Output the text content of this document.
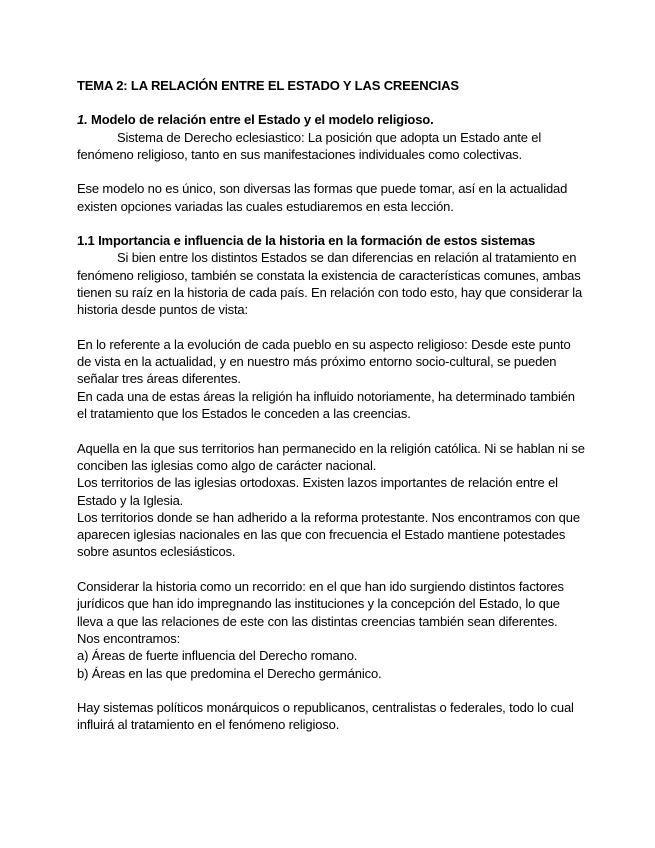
TEMA 2: LA RELACIÓN ENTRE EL ESTADO Y LAS CREENCIAS

1. Modelo de relación entre el Estado y el modelo religioso.

Sistema de Derecho eclesiastico: La posición que adopta un Estado ante el fenómeno religioso, tanto en sus manifestaciones individuales como colectivas.

Ese modelo no es único, son diversas las formas que puede tomar, así en la actualidad existen opciones variadas las cuales estudiaremos en esta lección.

1.1 Importancia e influencia de la historia en la formación de estos sistemas

Si bien entre los distintos Estados se dan diferencias en relación al tratamiento en fenómeno religioso, también se constata la existencia de características comunes, ambas tienen su raíz en la historia de cada país. En relación con todo esto, hay que considerar la historia desde puntos de vista:

En lo referente a la evolución de cada pueblo en su aspecto religioso: Desde este punto de vista en la actualidad, y en nuestro más próximo entorno socio-cultural, se pueden señalar tres áreas diferentes.

En cada una de estas áreas la religión ha influido notoriamente, ha determinado también el tratamiento que los Estados le conceden a las creencias.

Aquella en la que sus territorios han permanecido en la religión católica. Ni se hablan ni se conciben las iglesias como algo de carácter nacional.

Los territorios de las iglesias ortodoxas. Existen lazos importantes de relación entre el Estado y la Iglesia.

Los territorios donde se han adherido a la reforma protestante. Nos encontramos con que aparecen iglesias nacionales en las que con frecuencia el Estado mantiene potestades sobre asuntos eclesiásticos.

Considerar la historia como un recorrido: en el que han ido surgiendo distintos factores jurídicos que han ido impregnando las instituciones y la concepción del Estado, lo que lleva a que las relaciones de este con las distintas creencias también sean diferentes.

Nos encontramos:

a) Áreas de fuerte influencia del Derecho romano.

b) Áreas en las que predomina el Derecho germánico.

Hay sistemas políticos monárquicos o republicanos, centralistas o federales, todo lo cual influirá al tratamiento en el fenómeno religioso.
